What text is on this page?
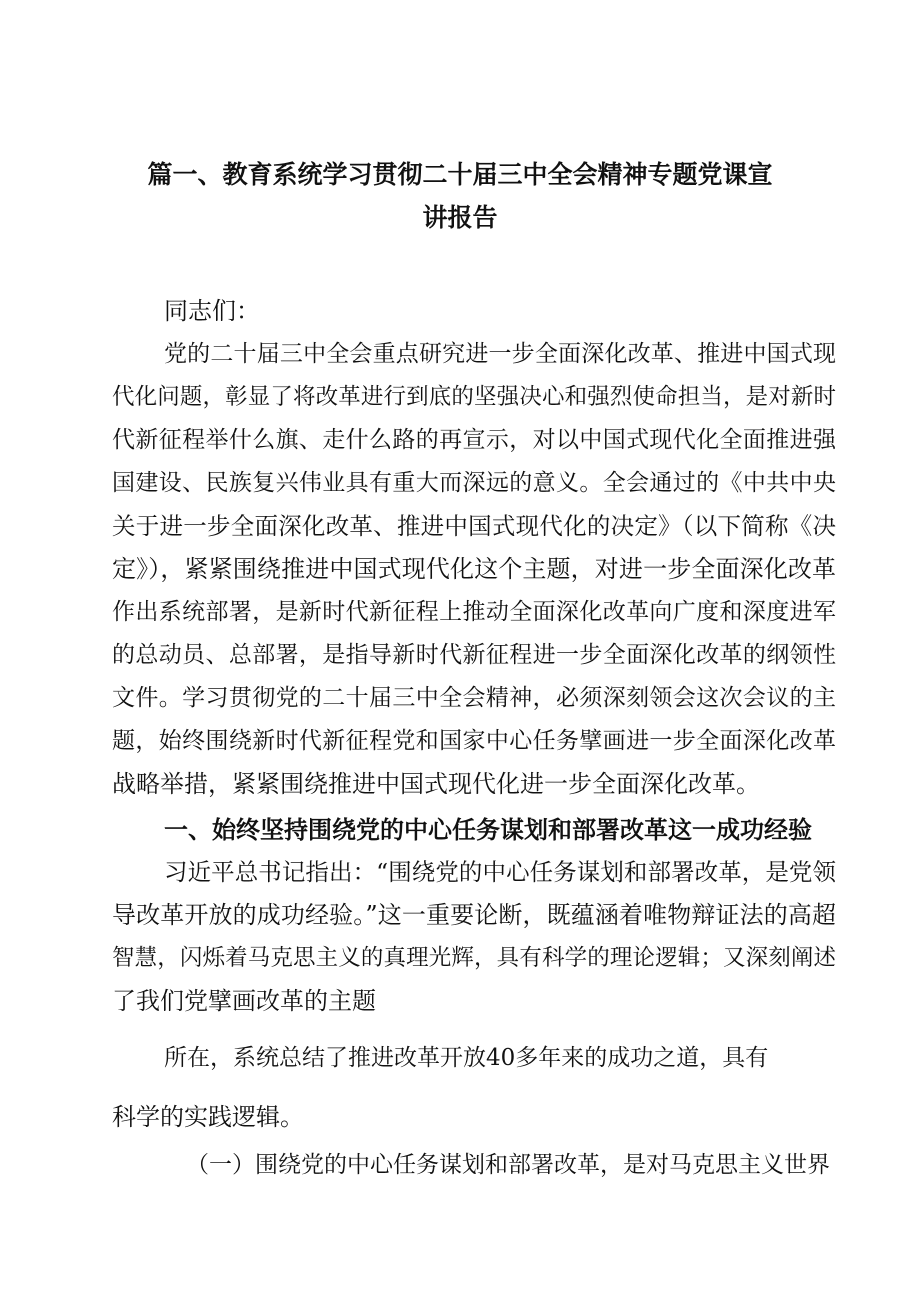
篇一、教育系统学习贯彻二十届三中全会精神专题党课宣
讲报告
同志们：
党的二十届三中全会重点研究进一步全面深化改革、推进中国式现
代化问题，彰显了将改革进行到底的坚强决心和强烈使命担当，是对新时
代新征程举什么旗、走什么路的再宣示，对以中国式现代化全面推进强
国建设、民族复兴伟业具有重大而深远的意义。全会通过的《中共中央
关于进一步全面深化改革、推进中国式现代化的决定》（以下简称《决
定》），紧紧围绕推进中国式现代化这个主题，对进一步全面深化改革
作出系统部署，是新时代新征程上推动全面深化改革向广度和深度进军
的总动员、总部署，是指导新时代新征程进一步全面深化改革的纲领性
文件。学习贯彻党的二十届三中全会精神，必须深刻领会这次会议的主
题，始终围绕新时代新征程党和国家中心任务擘画进一步全面深化改革
战略举措，紧紧围绕推进中国式现代化进一步全面深化改革。
一、始终坚持围绕党的中心任务谋划和部署改革这一成功经验
习近平总书记指出：“围绕党的中心任务谋划和部署改革，是党领
导改革开放的成功经验。”这一重要论断，既蕴涵着唯物辩证法的高超
智慧，闪烁着马克思主义的真理光辉，具有科学的理论逻辑；又深刻阐述
了我们党擘画改革的主题
所在，系统总结了推进改革开放40多年来的成功之道，具有
科学的实践逻辑。
（一）围绕党的中心任务谋划和部署改革，是对马克思主义世界
